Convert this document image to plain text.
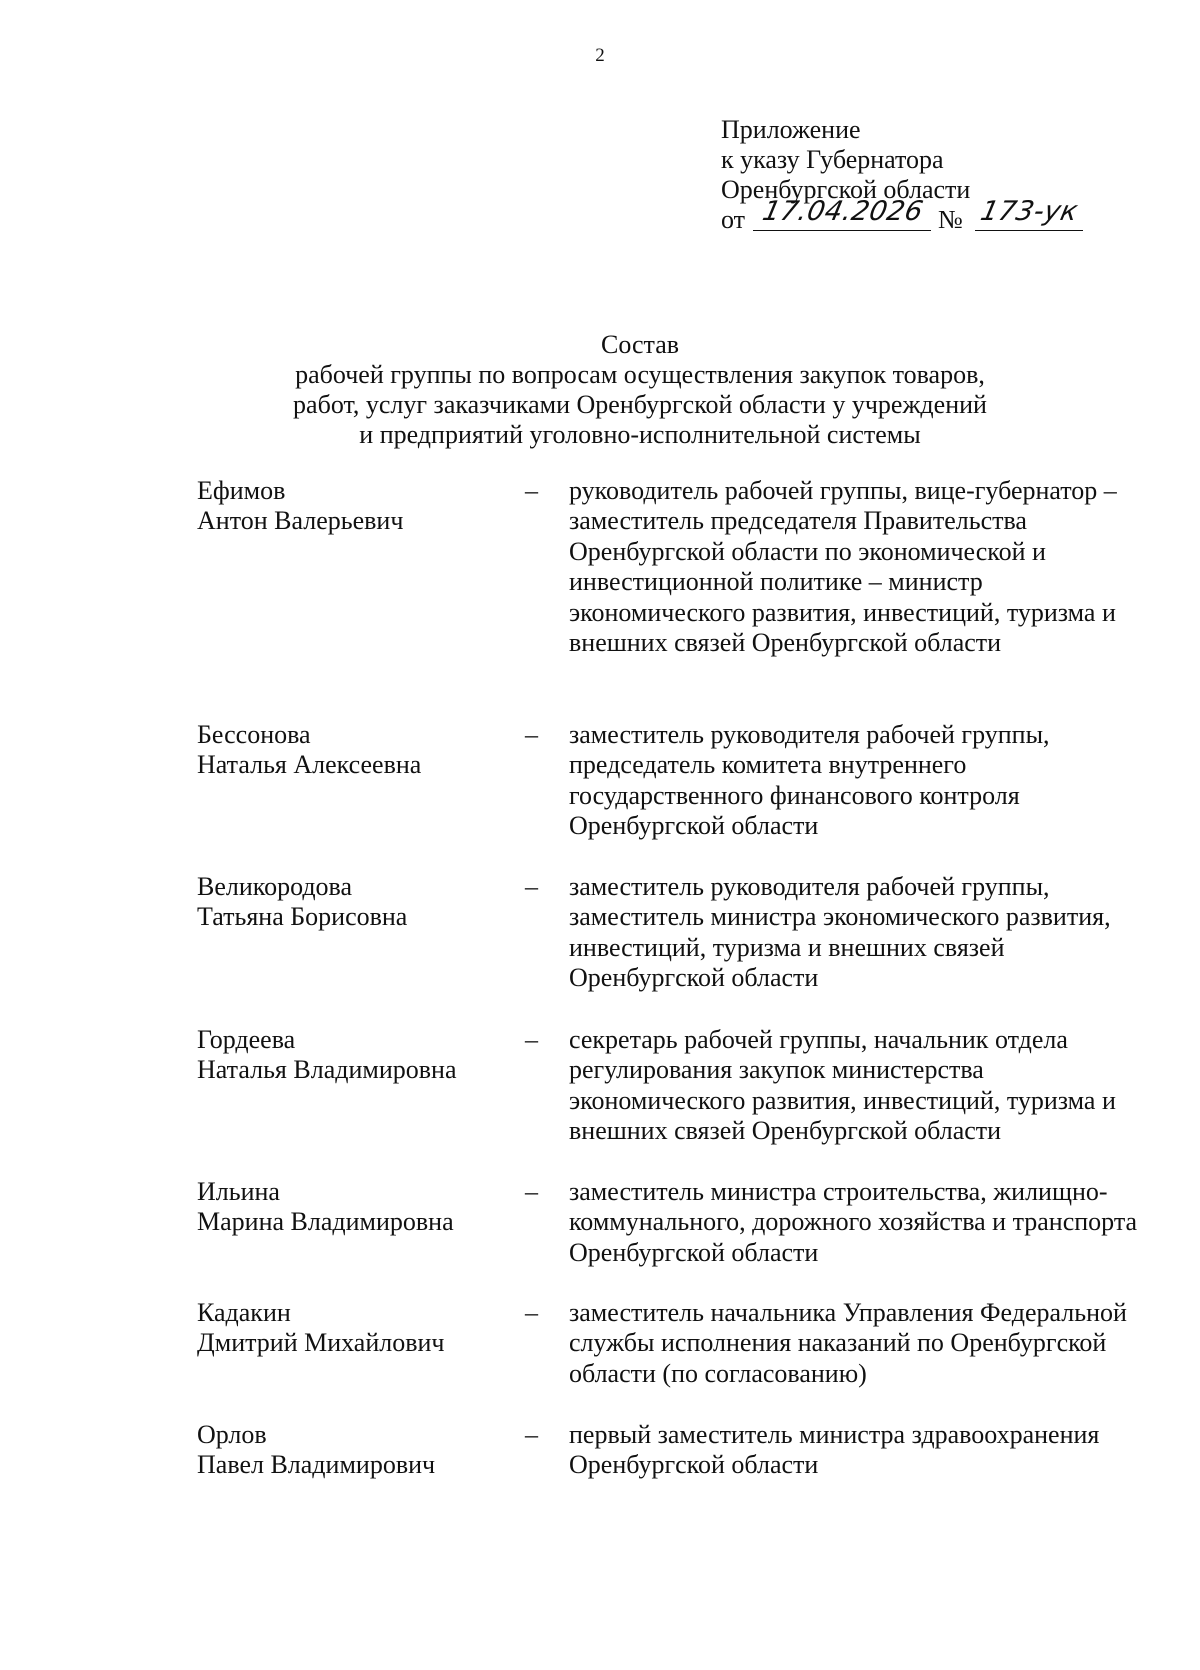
2
Приложение
к указу Губернатора
Оренбургской области
от 17.04.2026 № 173-ук
Состав
рабочей группы по вопросам осуществления закупок товаров,
работ, услуг заказчиками Оренбургской области у учреждений
и предприятий уголовно-исполнительной системы
Ефимов
Антон Валерьевич
– руководитель рабочей группы, вице-губернатор – заместитель председателя Правительства Оренбургской области по экономической и инвестиционной политике – министр экономического развития, инвестиций, туризма и внешних связей Оренбургской области
Бессонова
Наталья Алексеевна
– заместитель руководителя рабочей группы, председатель комитета внутреннего государственного финансового контроля Оренбургской области
Великородова
Татьяна Борисовна
– заместитель руководителя рабочей группы, заместитель министра экономического развития, инвестиций, туризма и внешних связей Оренбургской области
Гордеева
Наталья Владимировна
– секретарь рабочей группы, начальник отдела регулирования закупок министерства экономического развития, инвестиций, туризма и внешних связей Оренбургской области
Ильина
Марина Владимировна
– заместитель министра строительства, жилищно-коммунального, дорожного хозяйства и транспорта Оренбургской области
Кадакин
Дмитрий Михайлович
– заместитель начальника Управления Федеральной службы исполнения наказаний по Оренбургской области (по согласованию)
Орлов
Павел Владимирович
– первый заместитель министра здравоохранения Оренбургской области
